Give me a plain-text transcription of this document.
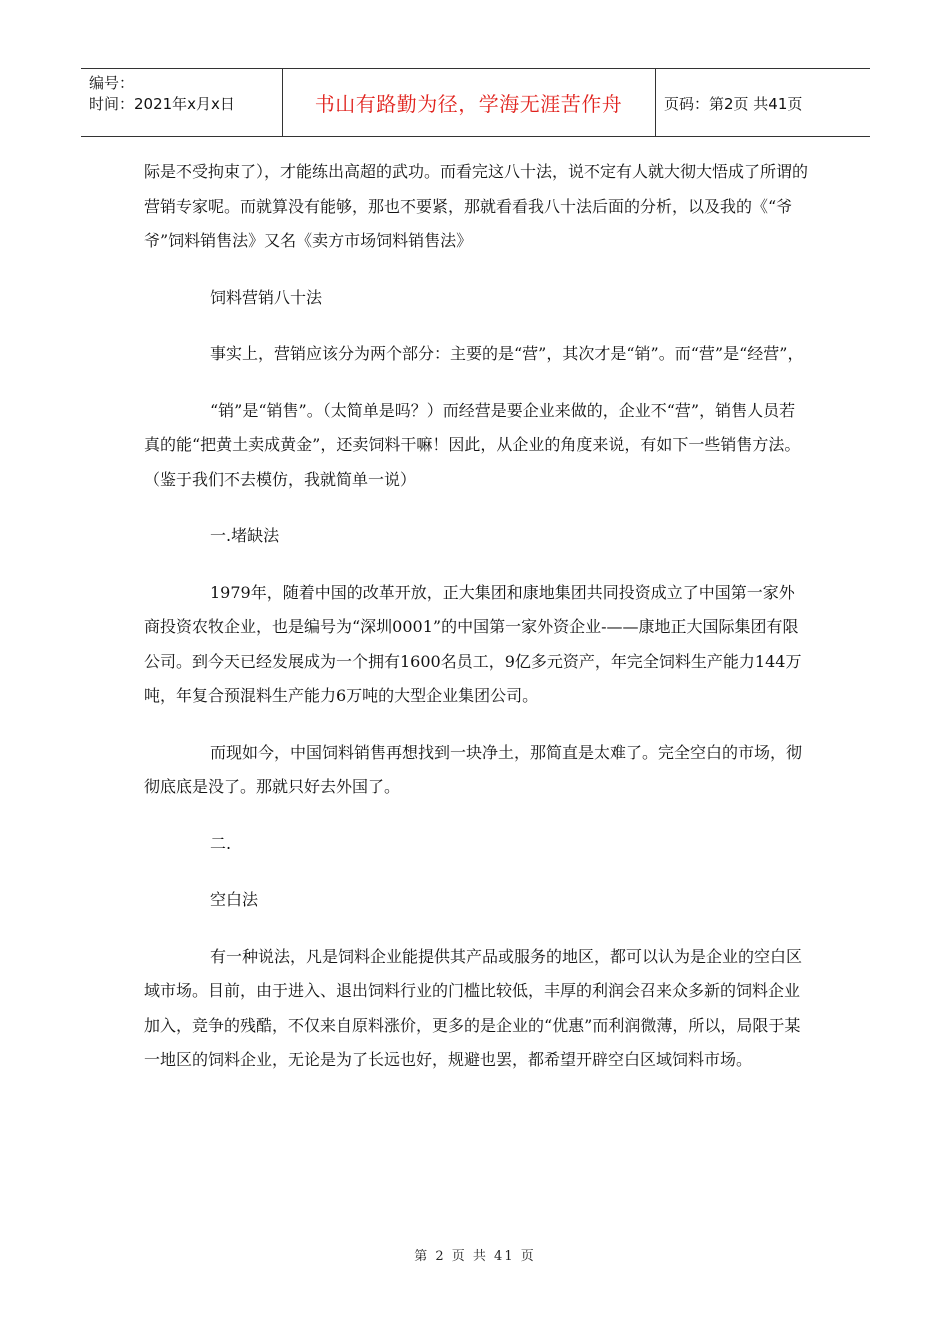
编号：
时间：2021年x月x日	书山有路勤为径，学海无涯苦作舟	页码：第2页 共41页

际是不受拘束了），才能练出高超的武功。而看完这八十法，说不定有人就大彻大悟成了所谓的营销专家呢。而就算没有能够，那也不要紧，那就看看我八十法后面的分析，以及我的《“爷爷”饲料销售法》又名《卖方市场饲料销售法》

饲料营销八十法

事实上，营销应该分为两个部分：主要的是“营”，其次才是“销”。而“营”是“经营”，

“销”是“销售”。（太简单是吗？）而经营是要企业来做的，企业不“营”，销售人员若真的能“把黄土卖成黄金”，还卖饲料干嘛！因此，从企业的角度来说，有如下一些销售方法。（鉴于我们不去模仿，我就简单一说）

一.堵缺法

1979年，随着中国的改革开放，正大集团和康地集团共同投资成立了中国第一家外商投资农牧企业，也是编号为“深圳0001”的中国第一家外资企业-——康地正大国际集团有限公司。到今天已经发展成为一个拥有1600名员工，9亿多元资产，年完全饲料生产能力144万吨，年复合预混料生产能力6万吨的大型企业集团公司。

而现如今，中国饲料销售再想找到一块净土，那简直是太难了。完全空白的市场，彻彻底底是没了。那就只好去外国了。

二.

空白法

有一种说法，凡是饲料企业能提供其产品或服务的地区，都可以认为是企业的空白区域市场。目前，由于进入、退出饲料行业的门槛比较低，丰厚的利润会召来众多新的饲料企业加入，竞争的残酷，不仅来自原料涨价，更多的是企业的“优惠”而利润微薄，所以，局限于某一地区的饲料企业，无论是为了长远也好，规避也罢，都希望开辟空白区域饲料市场。

第 2 页 共 41 页
